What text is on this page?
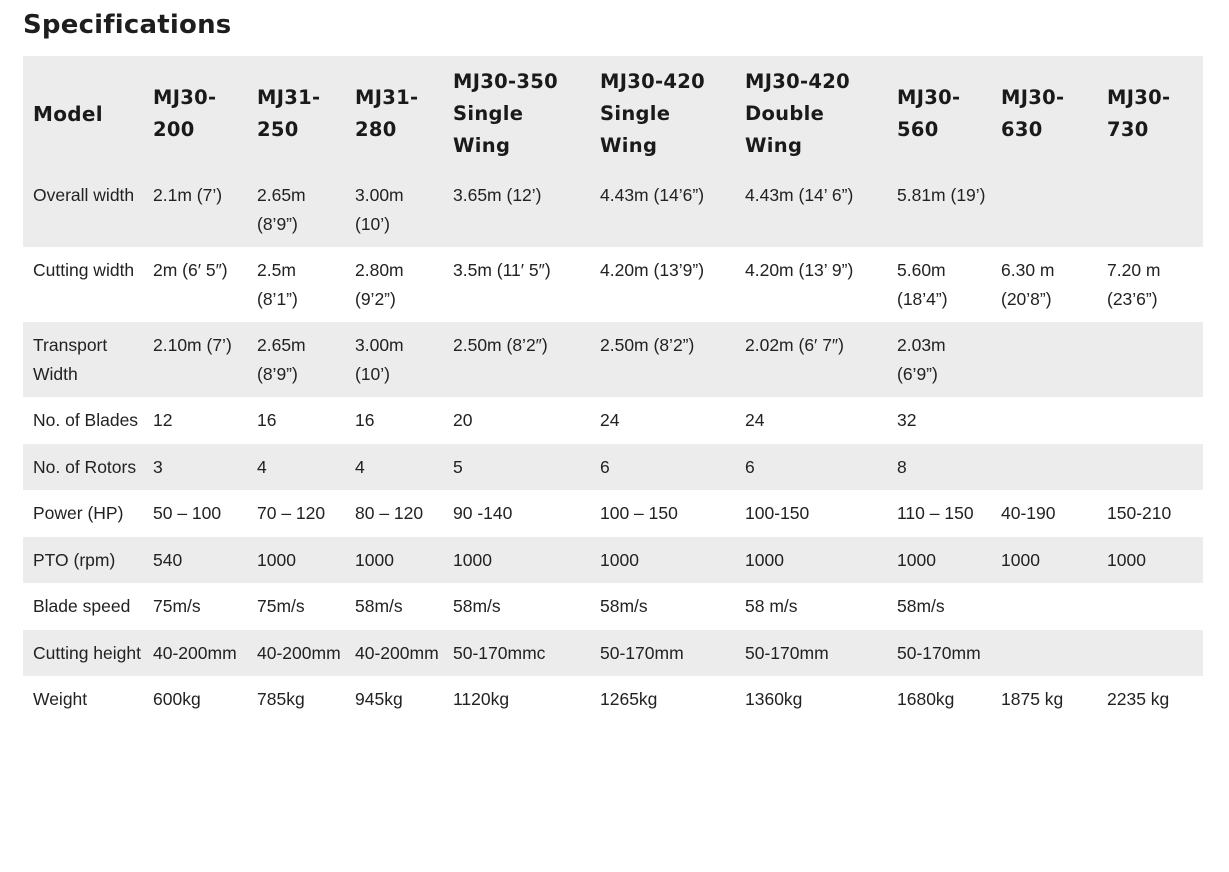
Specifications
Model	MJ30-200	MJ31-250	MJ31-280	MJ30-350 Single Wing	MJ30-420 Single Wing	MJ30-420 Double Wing	MJ30-560	MJ30-630	MJ30-730
Overall width	2.1m (7’)	2.65m (8’9”)	3.00m (10’)	3.65m (12’)	4.43m (14’6”)	4.43m (14’ 6”)	5.81m (19’)		
Cutting width	2m (6′ 5″)	2.5m (8’1”)	2.80m (9’2”)	3.5m (11′ 5″)	4.20m (13’9”)	4.20m (13’ 9”)	5.60m (18’4”)	6.30 m (20’8”)	7.20 m (23’6”)
Transport Width	2.10m (7’)	2.65m (8’9”)	3.00m (10’)	2.50m (8’2″)	2.50m (8’2”)	2.02m (6′ 7″)	2.03m (6’9”)		
No. of Blades	12	16	16	20	24	24	32		
No. of Rotors	3	4	4	5	6	6	8		
Power (HP)	50 – 100	70 – 120	80 – 120	90 -140	100 – 150	100-150	110 – 150	40-190	150-210
PTO (rpm)	540	1000	1000	1000	1000	1000	1000	1000	1000
Blade speed	75m/s	75m/s	58m/s	58m/s	58m/s	58 m/s	58m/s		
Cutting height	40-200mm	40-200mm	40-200mm	50-170mmc	50-170mm	50-170mm	50-170mm		
Weight	600kg	785kg	945kg	1120kg	1265kg	1360kg	1680kg	1875 kg	2235 kg
